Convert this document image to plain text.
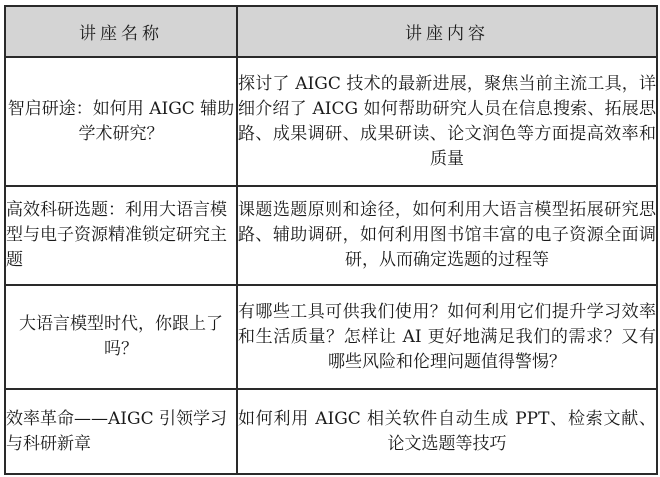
讲座名称	讲座内容

智启研途：如何用 AIGC 辅助学术研究？	探讨了 AIGC 技术的最新进展，聚焦当前主流工具，详细介绍了 AICG 如何帮助研究人员在信息搜索、拓展思路、成果调研、成果研读、论文润色等方面提高效率和质量

高效科研选题：利用大语言模型与电子资源精准锁定研究主题	课题选题原则和途径，如何利用大语言模型拓展研究思路、辅助调研，如何利用图书馆丰富的电子资源全面调研，从而确定选题的过程等

大语言模型时代，你跟上了吗？	有哪些工具可供我们使用？如何利用它们提升学习效率和生活质量？怎样让 AI 更好地满足我们的需求？又有哪些风险和伦理问题值得警惕？

效率革命——AIGC 引领学习与科研新章	如何利用 AIGC 相关软件自动生成 PPT、检索文献、论文选题等技巧
